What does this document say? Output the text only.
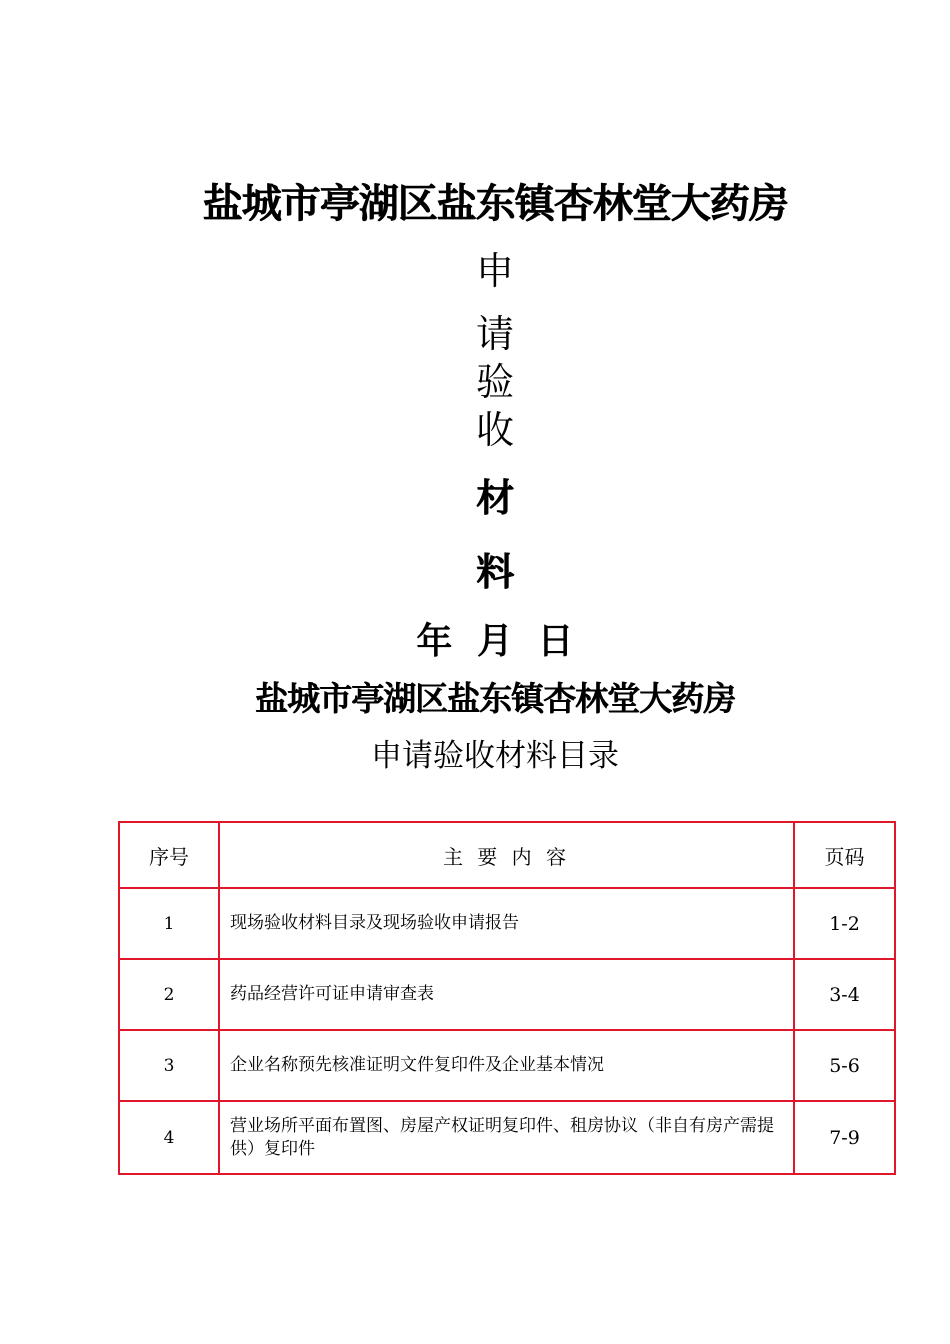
盐城市亭湖区盐东镇杏林堂大药房
申
请
验
收
材
料
年 月 日
盐城市亭湖区盐东镇杏林堂大药房
申请验收材料目录
序号	主 要 内 容	页码
1	现场验收材料目录及现场验收申请报告	1-2
2	药品经营许可证申请审查表	3-4
3	企业名称预先核准证明文件复印件及企业基本情况	5-6
4	营业场所平面布置图、房屋产权证明复印件、租房协议（非自有房产需提供）复印件	7-9
